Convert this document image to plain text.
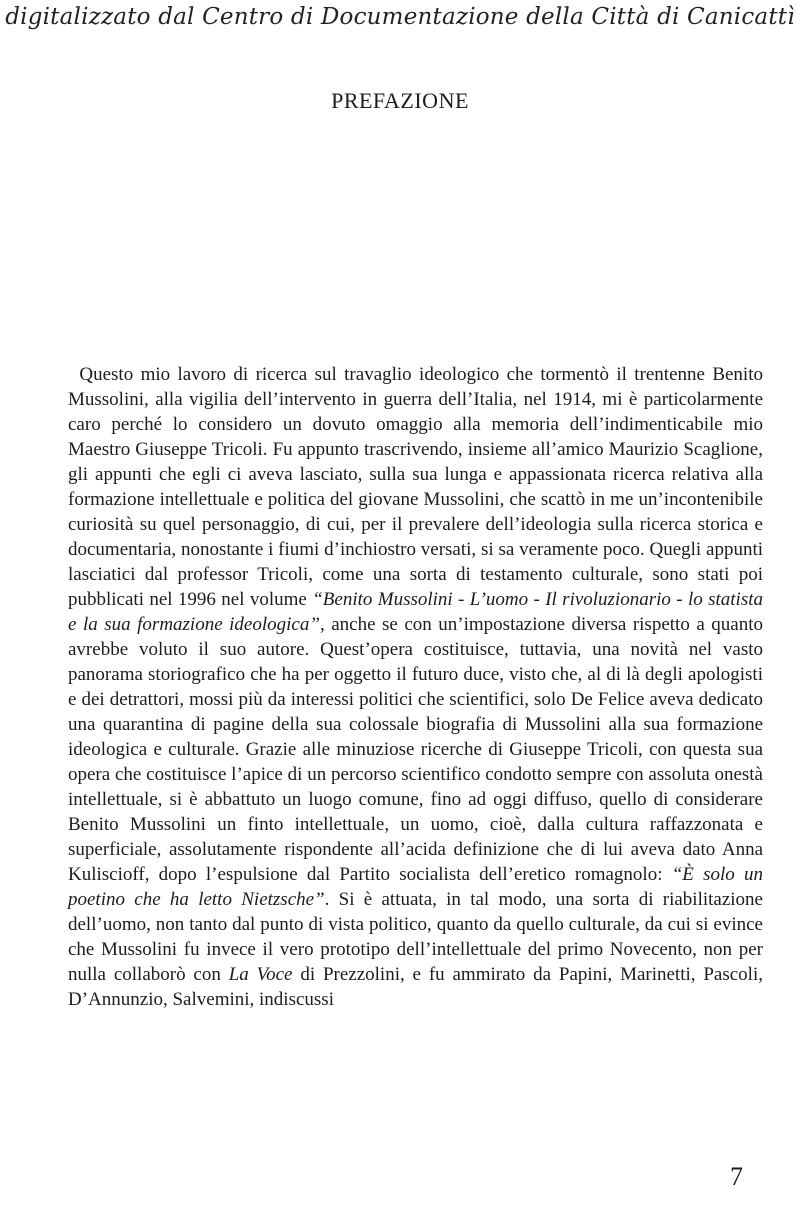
digitalizzato dal Centro di Documentazione della Città di Canicattì
PREFAZIONE

Questo mio lavoro di ricerca sul travaglio ideologico che tormentò il trentenne Benito Mussolini, alla vigilia dell’intervento in guerra dell’Italia, nel 1914, mi è particolarmente caro perché lo considero un dovuto omaggio alla memoria dell’indimenticabile mio Maestro Giuseppe Tricoli. Fu appunto trascrivendo, insieme all’amico Maurizio Scaglione, gli appunti che egli ci aveva lasciato, sulla sua lunga e appassionata ricerca relativa alla formazione intellettuale e politica del giovane Mussolini, che scattò in me un’incontenibile curiosità su quel personaggio, di cui, per il prevalere dell’ideologia sulla ricerca storica e documentaria, nonostante i fiumi d’inchiostro versati, si sa veramente poco. Quegli appunti lasciatici dal professor Tricoli, come una sorta di testamento culturale, sono stati poi pubblicati nel 1996 nel volume “Benito Mussolini - L’uomo - Il rivoluzionario - lo statista e la sua formazione ideologica”, anche se con un’impostazione diversa rispetto a quanto avrebbe voluto il suo autore. Quest’opera costituisce, tuttavia, una novità nel vasto panorama storiografico che ha per oggetto il futuro duce, visto che, al di là degli apologisti e dei detrattori, mossi più da interessi politici che scientifici, solo De Felice aveva dedicato una quarantina di pagine della sua colossale biografia di Mussolini alla sua formazione ideologica e culturale. Grazie alle minuziose ricerche di Giuseppe Tricoli, con questa sua opera che costituisce l’apice di un percorso scientifico condotto sempre con assoluta onestà intellettuale, si è abbattuto un luogo comune, fino ad oggi diffuso, quello di considerare Benito Mussolini un finto intellettuale, un uomo, cioè, dalla cultura raffazzonata e superficiale, assolutamente rispondente all’acida definizione che di lui aveva dato Anna Kuliscioff, dopo l’espulsione dal Partito socialista dell’eretico romagnolo: “È solo un poetino che ha letto Nietzsche”. Si è attuata, in tal modo, una sorta di riabilitazione dell’uomo, non tanto dal punto di vista politico, quanto da quello culturale, da cui si evince che Mussolini fu invece il vero prototipo dell’intellettuale del primo Novecento, non per nulla collaborò con La Voce di Prezzolini, e fu ammirato da Papini, Marinetti, Pascoli, D’Annunzio, Salvemini, indiscussi

7
